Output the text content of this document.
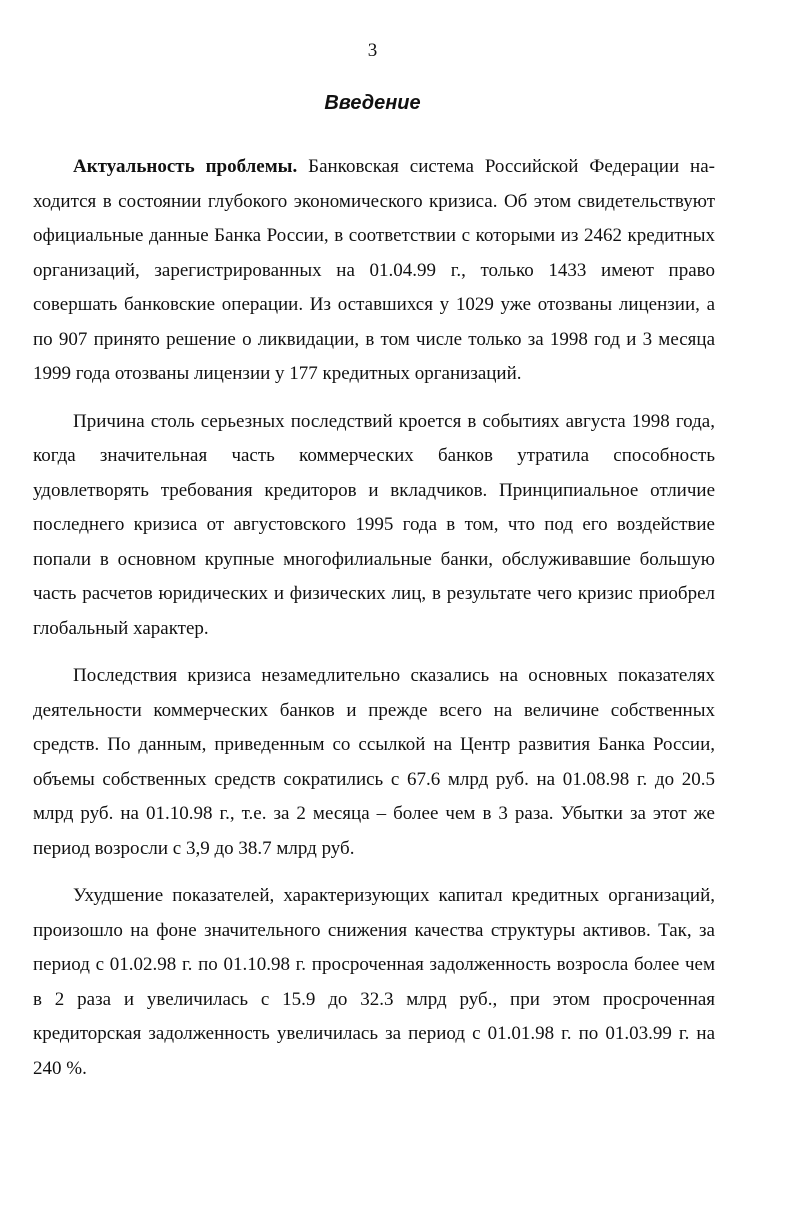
3
Введение

Актуальность проблемы. Банковская система Российской Федерации находится в состоянии глубокого экономического кризиса. Об этом свидетельствуют официальные данные Банка России, в соответствии с которыми из 2462 кредитных организаций, зарегистрированных на 01.04.99 г., только 1433 имеют право совершать банковские операции. Из оставшихся у 1029 уже отозваны лицензии, а по 907 принято решение о ликвидации, в том числе только за 1998 год и 3 месяца 1999 года отозваны лицензии у 177 кредитных организаций.

Причина столь серьезных последствий кроется в событиях августа 1998 года, когда значительная часть коммерческих банков утратила способность удовлетворять требования кредиторов и вкладчиков. Принципиальное отличие последнего кризиса от августовского 1995 года в том, что под его воздействие попали в основном крупные многофилиальные банки, обслуживавшие большую часть расчетов юридических и физических лиц, в результате чего кризис приобрел глобальный характер.

Последствия кризиса незамедлительно сказались на основных показателях деятельности коммерческих банков и прежде всего на величине собственных средств. По данным, приведенным со ссылкой на Центр развития Банка России, объемы собственных средств сократились с 67.6 млрд руб. на 01.08.98 г. до 20.5 млрд руб. на 01.10.98 г., т.е. за 2 месяца – более чем в 3 раза. Убытки за этот же период возросли с 3,9 до 38.7 млрд руб.

Ухудшение показателей, характеризующих капитал кредитных организаций, произошло на фоне значительного снижения качества структуры активов. Так, за период с 01.02.98 г. по 01.10.98 г. просроченная задолженность возросла более чем в 2 раза и увеличилась с 15.9 до 32.3 млрд руб., при этом просроченная кредиторская задолженность увеличилась за период с 01.01.98 г. по 01.03.99 г. на 240 %.
